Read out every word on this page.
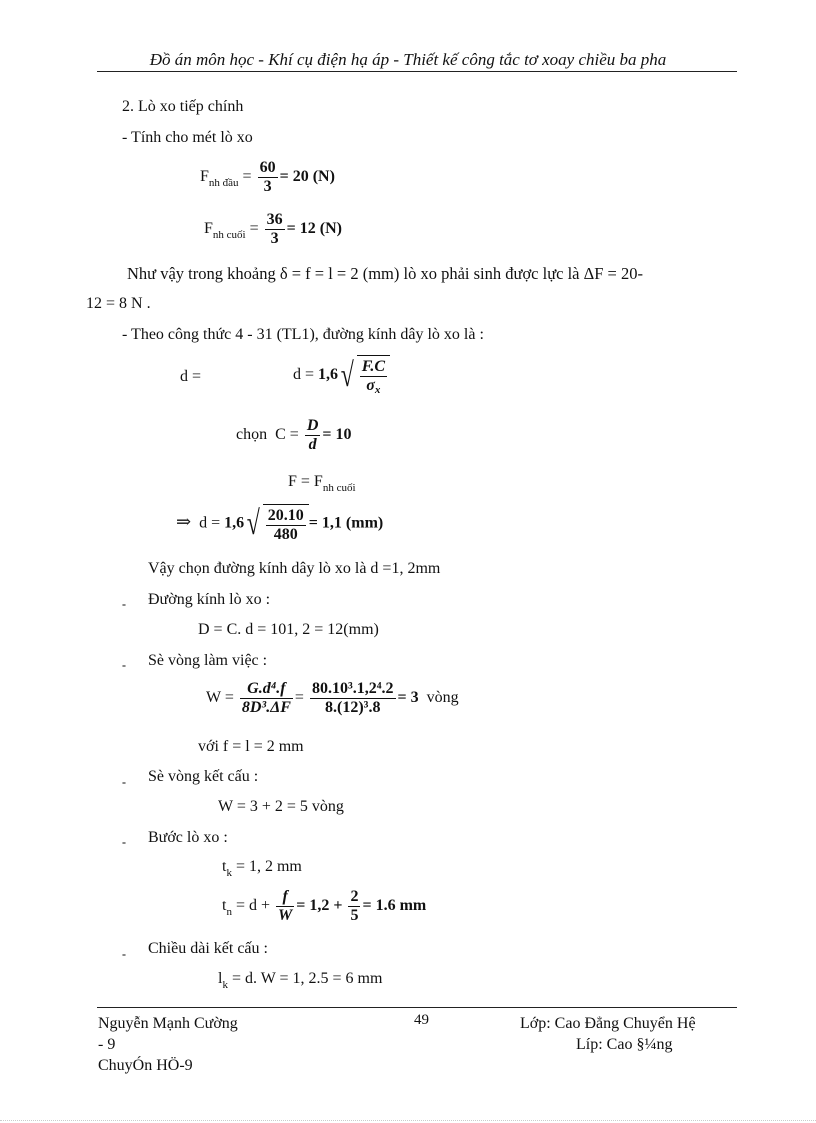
Đồ án môn học - Khí cụ điện hạ áp - Thiết kế công tắc tơ xoay chiều ba pha
2. Lò xo tiếp chính
- Tính cho mét lò xo
$F_{nh đầu} = \frac{60}{3} = 20$ (N)
$F_{nh cuối} = \frac{36}{3} = 12$ (N)
Như vậy trong khoảng δ = f = l = 2 (mm) lò xo phải sinh được lực là ΔF = 20-
12 = 8 N .
- Theo công thức 4 - 31 (TL1), đường kính dây lò xo là :
d =	$d = 1,6√ \frac{F.C}{\sigma x}$
chọn $C = \frac{D}{d} = 10$
$F = F_{nh cuối}$
⇒ $d = 1,6√ \frac{20.10}{480} = 1,1$ (mm)
Vậy chọn đường kính dây lò xo là d =1, 2mm
- Đường kính lò xo :
D = C. d = 101, 2 = 12(mm)
- Sè vòng làm việc :
$W = \frac{\text{G.d⁴.f}}{\text{8D³.ΔF}} = \frac{\text{80.10³.1,2⁴.2}}{\text{8.(12)³.8}} = 3$ vòng
với f = l = 2 mm
- Sè vòng kết cấu :
W = 3 + 2 = 5 vòng
- Bước lò xo :
$t_k = 1$, 2 mm
$t_n = d + \frac{f}{W} = 1,2 + \frac{2}{5} = 1.6$ mm
- Chiều dài kết cấu :
$l_k = d$. W = 1, 2.5 = 6 mm
Nguyễn Mạnh Cường
- 9
ChuyÓn HÖ-9
49	Lớp: Cao Đẳng Chuyển Hệ
Líp: Cao §¼ng
